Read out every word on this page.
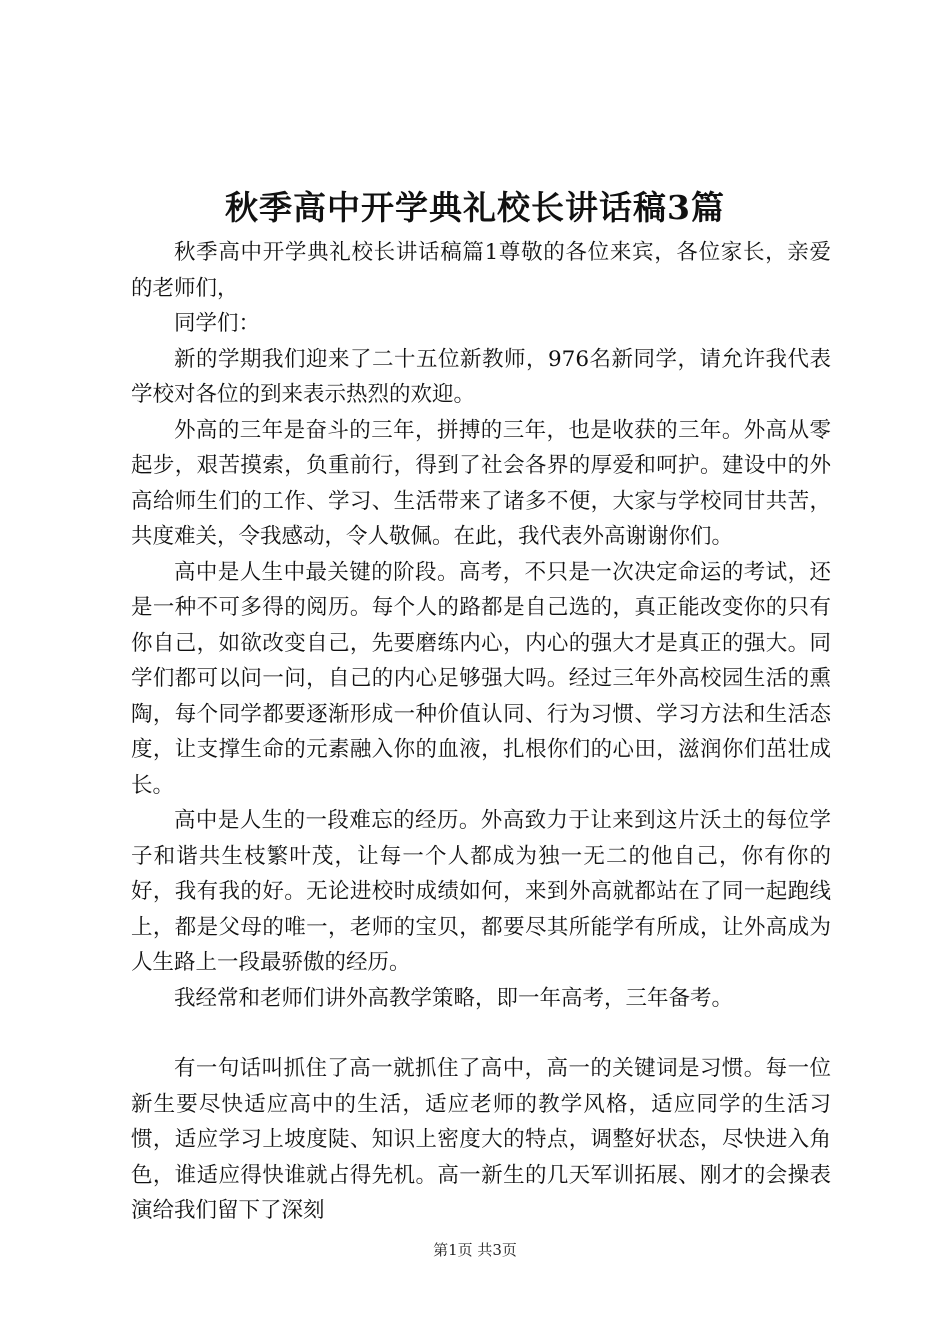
秋季高中开学典礼校长讲话稿3篇

秋季高中开学典礼校长讲话稿篇1尊敬的各位来宾，各位家长，亲爱的老师们，

同学们：

新的学期我们迎来了二十五位新教师，976名新同学，请允许我代表学校对各位的到来表示热烈的欢迎。

外高的三年是奋斗的三年，拼搏的三年，也是收获的三年。外高从零起步，艰苦摸索，负重前行，得到了社会各界的厚爱和呵护。建设中的外高给师生们的工作、学习、生活带来了诸多不便，大家与学校同甘共苦，共度难关，令我感动，令人敬佩。在此，我代表外高谢谢你们。

高中是人生中最关键的阶段。高考，不只是一次决定命运的考试，还是一种不可多得的阅历。每个人的路都是自己选的，真正能改变你的只有你自己，如欲改变自己，先要磨练内心，内心的强大才是真正的强大。同学们都可以问一问，自己的内心足够强大吗。经过三年外高校园生活的熏陶，每个同学都要逐渐形成一种价值认同、行为习惯、学习方法和生活态度，让支撑生命的元素融入你的血液，扎根你们的心田，滋润你们茁壮成长。

高中是人生的一段难忘的经历。外高致力于让来到这片沃土的每位学子和谐共生枝繁叶茂，让每一个人都成为独一无二的他自己，你有你的好，我有我的好。无论进校时成绩如何，来到外高就都站在了同一起跑线上，都是父母的唯一，老师的宝贝，都要尽其所能学有所成，让外高成为人生路上一段最骄傲的经历。

我经常和老师们讲外高教学策略，即一年高考，三年备考。

有一句话叫抓住了高一就抓住了高中，高一的关键词是习惯。每一位新生要尽快适应高中的生活，适应老师的教学风格，适应同学的生活习惯，适应学习上坡度陡、知识上密度大的特点，调整好状态，尽快进入角色，谁适应得快谁就占得先机。高一新生的几天军训拓展、刚才的会操表演给我们留下了深刻

第1页 共3页
